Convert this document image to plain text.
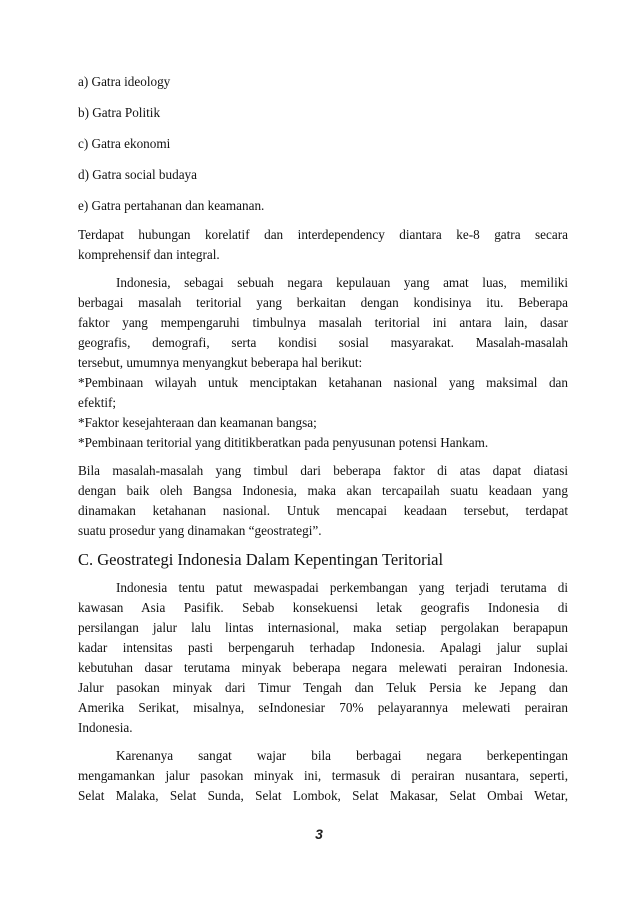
a) Gatra ideology
b) Gatra Politik
c) Gatra ekonomi
d) Gatra social budaya
e) Gatra pertahanan dan keamanan.
Terdapat hubungan korelatif dan interdependency diantara ke-8 gatra secara
komprehensif dan integral.
Indonesia, sebagai sebuah negara kepulauan yang amat luas, memiliki
berbagai masalah teritorial yang berkaitan dengan kondisinya itu. Beberapa
faktor yang mempengaruhi timbulnya masalah teritorial ini antara lain, dasar
geografis, demografi, serta kondisi sosial masyarakat. Masalah-masalah
tersebut, umumnya menyangkut beberapa hal berikut:
*Pembinaan wilayah untuk menciptakan ketahanan nasional yang maksimal dan
efektif;
*Faktor kesejahteraan dan keamanan bangsa;
*Pembinaan teritorial yang dititikberatkan pada penyusunan potensi Hankam.
Bila masalah-masalah yang timbul dari beberapa faktor di atas dapat diatasi
dengan baik oleh Bangsa Indonesia, maka akan tercapailah suatu keadaan yang
dinamakan ketahanan nasional. Untuk mencapai keadaan tersebut, terdapat
suatu prosedur yang dinamakan “geostrategi”.
C. Geostrategi Indonesia Dalam Kepentingan Teritorial
Indonesia tentu patut mewaspadai perkembangan yang terjadi terutama di
kawasan Asia Pasifik. Sebab konsekuensi letak geografis Indonesia di
persilangan jalur lalu lintas internasional, maka setiap pergolakan berapapun
kadar intensitas pasti berpengaruh terhadap Indonesia. Apalagi jalur suplai
kebutuhan dasar terutama minyak beberapa negara melewati perairan Indonesia.
Jalur pasokan minyak dari Timur Tengah dan Teluk Persia ke Jepang dan
Amerika Serikat, misalnya, seIndonesiar 70% pelayarannya melewati perairan
Indonesia.
Karenanya sangat wajar bila berbagai negara berkepentingan
mengamankan jalur pasokan minyak ini, termasuk di perairan nusantara, seperti,
Selat Malaka, Selat Sunda, Selat Lombok, Selat Makasar, Selat Ombai Wetar,
3
